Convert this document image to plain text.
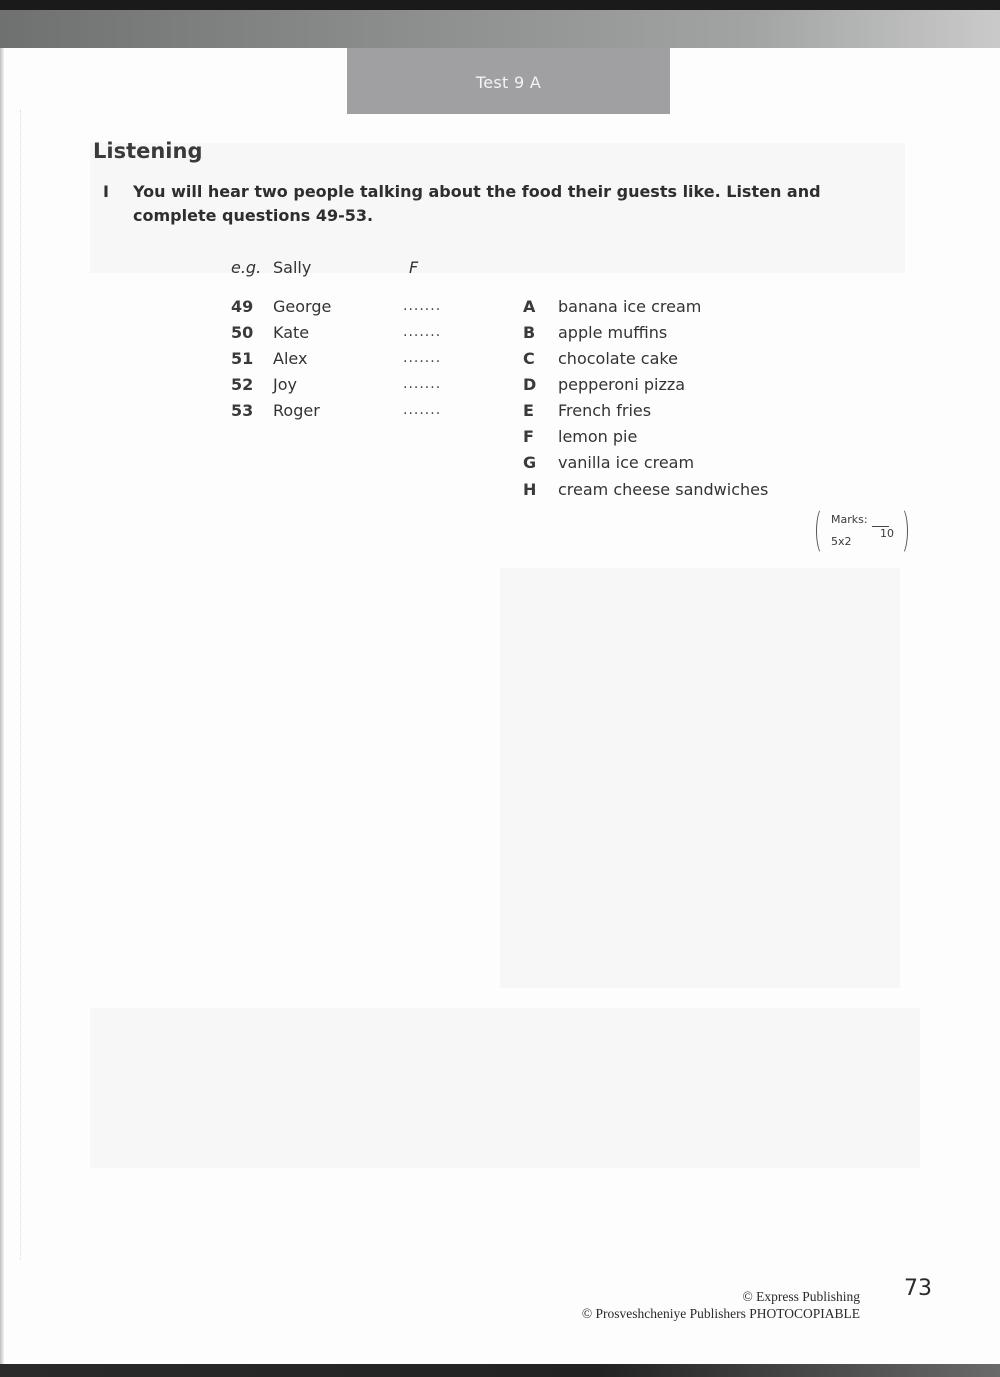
Test 9 A
Listening
I	You will hear two people talking about the food their guests like. Listen and complete questions 49-53.
e.g. Sally	F
49	George	.......
50	Kate	.......
51	Alex	.......
52	Joy	.......
53	Roger	.......
A	banana ice cream
B	apple muffins
C	chocolate cake
D	pepperoni pizza
E	French fries
F	lemon pie
G	vanilla ice cream
H	cream cheese sandwiches
Marks:
5x2
10
© Express Publishing
© Prosveshcheniye Publishers PHOTOCOPIABLE
73
